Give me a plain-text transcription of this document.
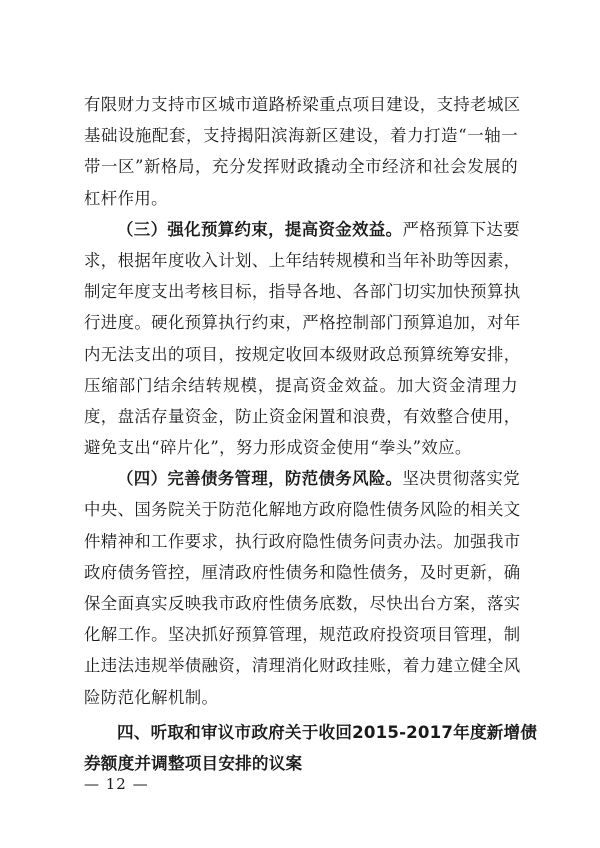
有限财力支持市区城市道路桥梁重点项目建设，支持老城区
基础设施配套，支持揭阳滨海新区建设，着力打造“一轴一
带一区”新格局，充分发挥财政撬动全市经济和社会发展的
杠杆作用。
（三）强化预算约束，提高资金效益。严格预算下达要
求，根据年度收入计划、上年结转规模和当年补助等因素，
制定年度支出考核目标，指导各地、各部门切实加快预算执
行进度。硬化预算执行约束，严格控制部门预算追加，对年
内无法支出的项目，按规定收回本级财政总预算统筹安排，
压缩部门结余结转规模，提高资金效益。加大资金清理力
度，盘活存量资金，防止资金闲置和浪费，有效整合使用，
避免支出“碎片化”，努力形成资金使用“拳头”效应。
（四）完善债务管理，防范债务风险。坚决贯彻落实党
中央、国务院关于防范化解地方政府隐性债务风险的相关文
件精神和工作要求，执行政府隐性债务问责办法。加强我市
政府债务管控，厘清政府性债务和隐性债务，及时更新，确
保全面真实反映我市政府性债务底数，尽快出台方案，落实
化解工作。坚决抓好预算管理，规范政府投资项目管理，制
止违法违规举债融资，清理消化财政挂账，着力建立健全风
险防范化解机制。
四、听取和审议市政府关于收回2015-2017年度新增债
券额度并调整项目安排的议案
— 12 —
